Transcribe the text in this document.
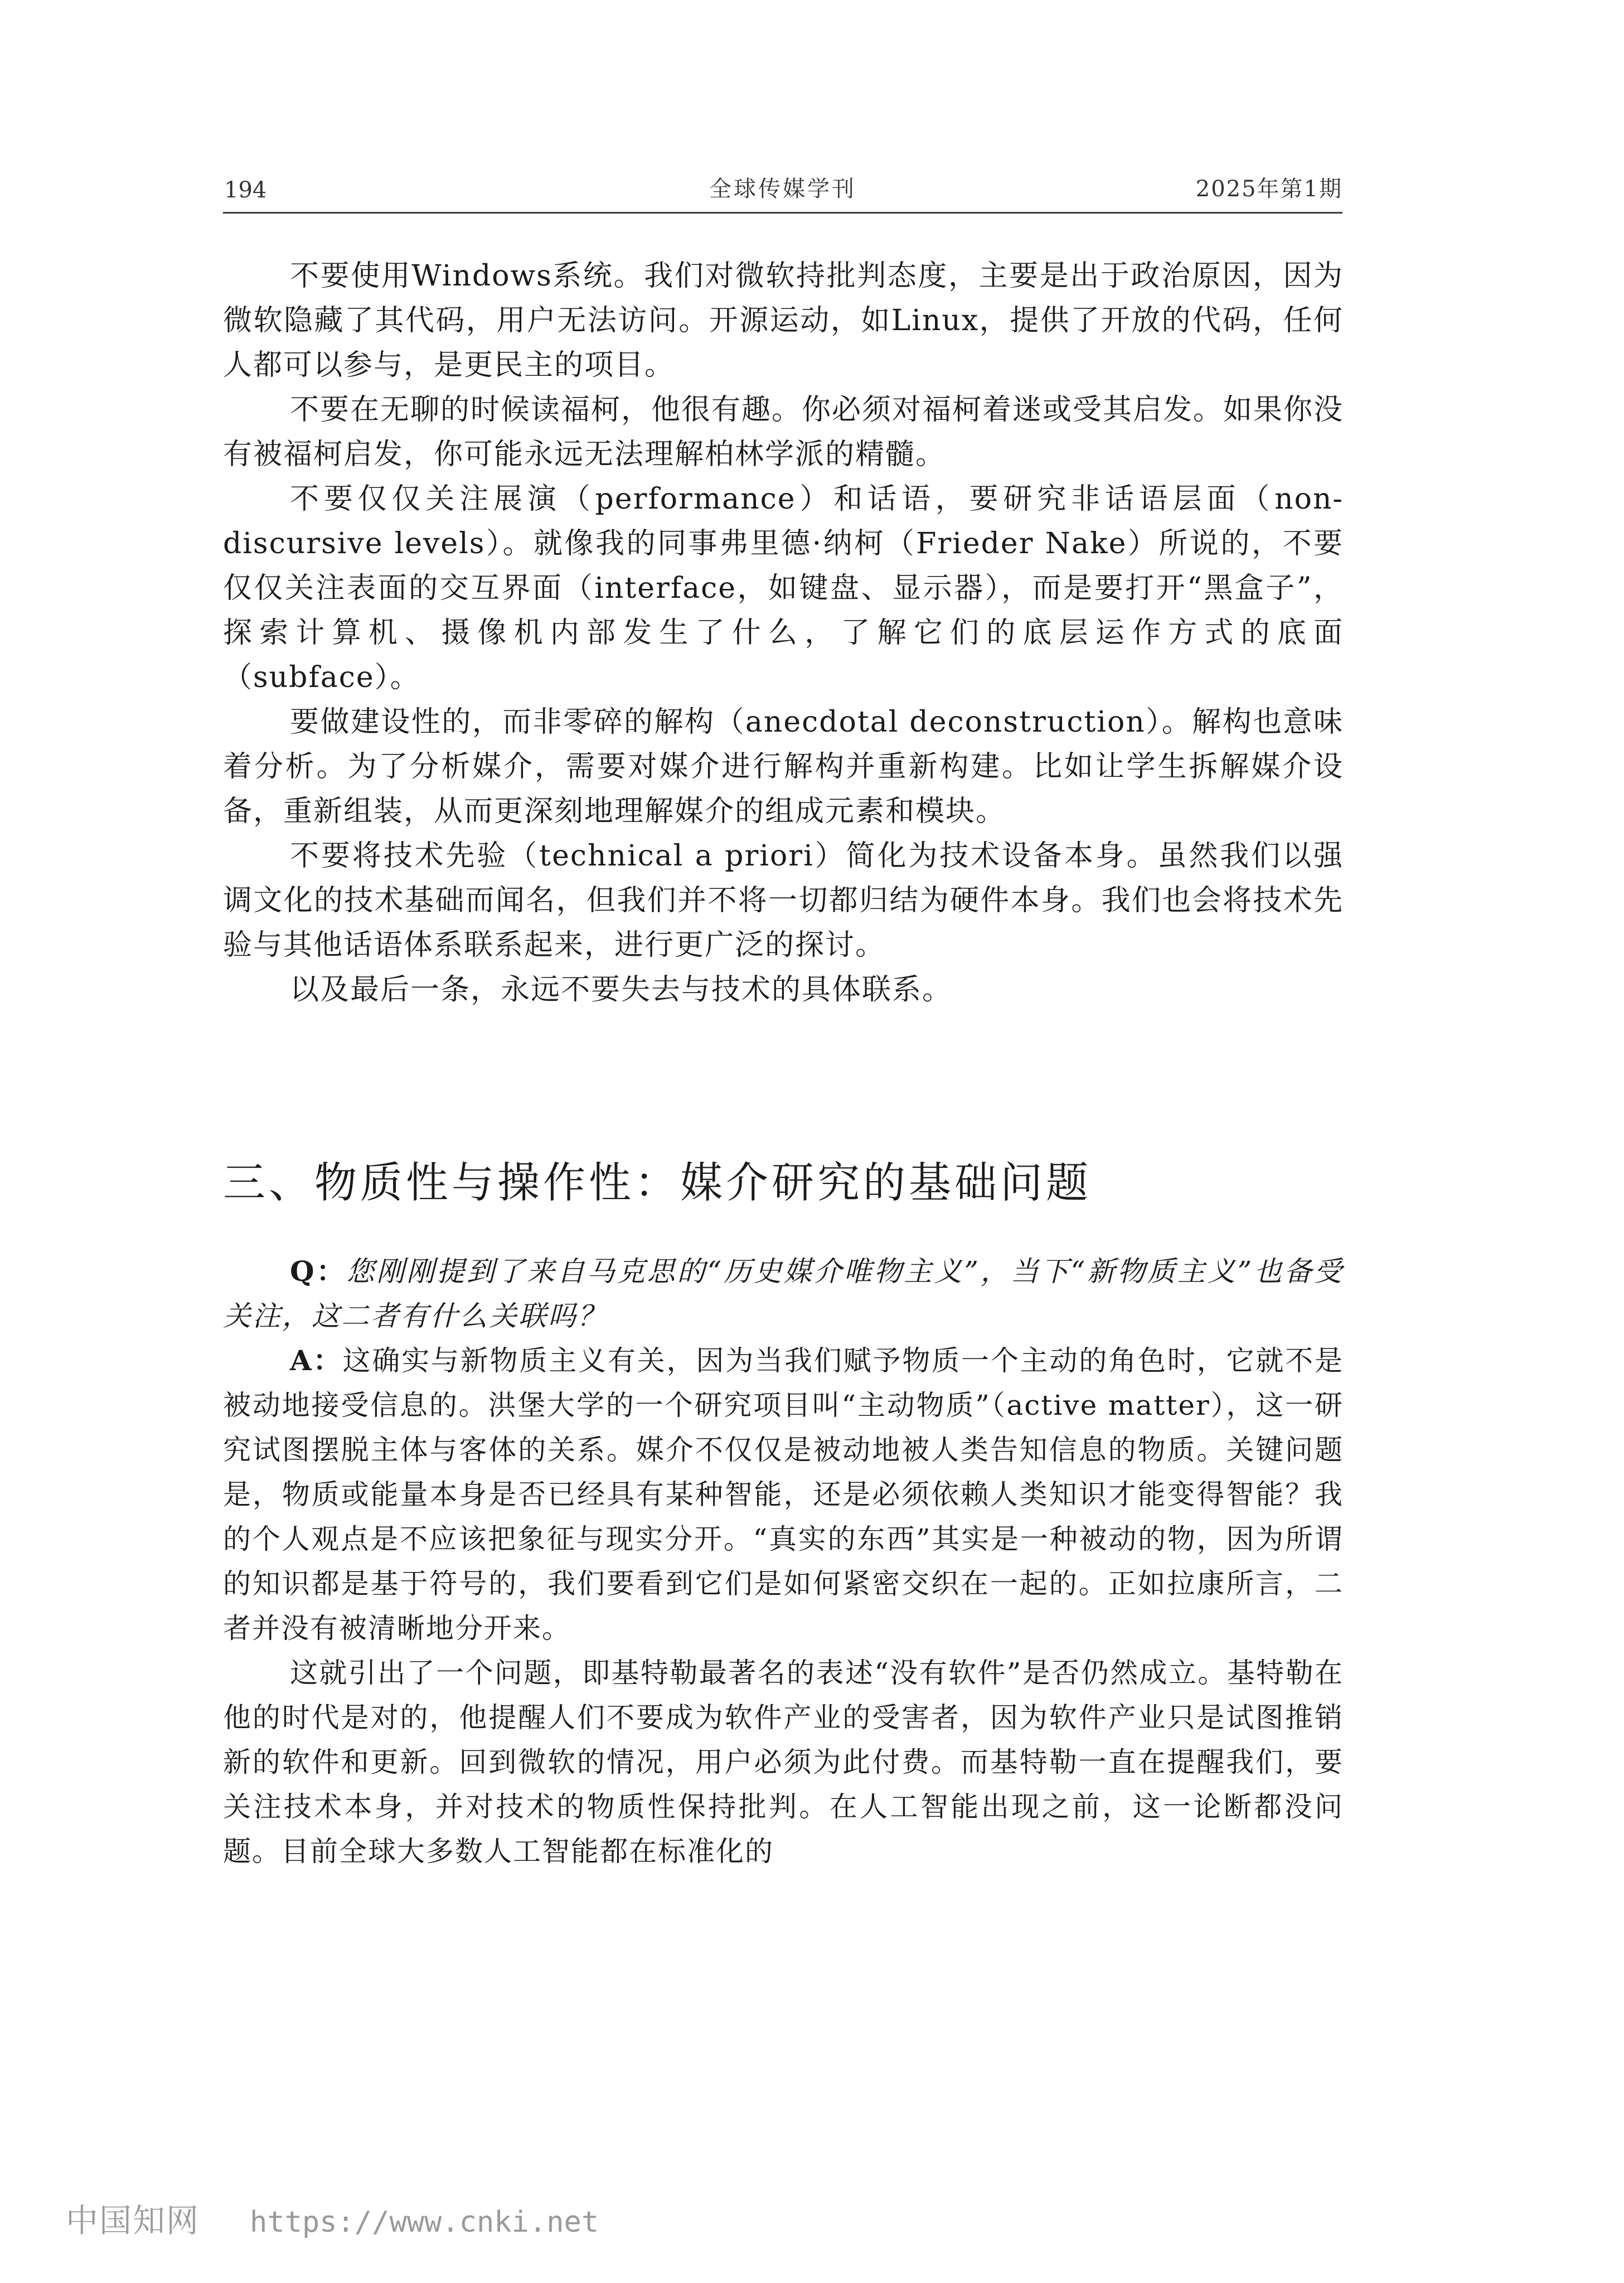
194	全球传媒学刊	2025年第1期

不要使用Windows系统。我们对微软持批判态度，主要是出于政治原因，因为微软隐藏了其代码，用户无法访问。开源运动，如Linux，提供了开放的代码，任何人都可以参与，是更民主的项目。

不要在无聊的时候读福柯，他很有趣。你必须对福柯着迷或受其启发。如果你没有被福柯启发，你可能永远无法理解柏林学派的精髓。

不要仅仅关注展演（performance）和话语，要研究非话语层面（non-discursive levels）。就像我的同事弗里德·纳柯（Frieder Nake）所说的，不要仅仅关注表面的交互界面（interface，如键盘、显示器），而是要打开“黑盒子”，探索计算机、摄像机内部发生了什么，了解它们的底层运作方式的底面（subface）。

要做建设性的，而非零碎的解构（anecdotal deconstruction）。解构也意味着分析。为了分析媒介，需要对媒介进行解构并重新构建。比如让学生拆解媒介设备，重新组装，从而更深刻地理解媒介的组成元素和模块。

不要将技术先验（technical a priori）简化为技术设备本身。虽然我们以强调文化的技术基础而闻名，但我们并不将一切都归结为硬件本身。我们也会将技术先验与其他话语体系联系起来，进行更广泛的探讨。

以及最后一条，永远不要失去与技术的具体联系。

三、物质性与操作性：媒介研究的基础问题

Q：您刚刚提到了来自马克思的“历史媒介唯物主义”，当下“新物质主义”也备受关注，这二者有什么关联吗？

A：这确实与新物质主义有关，因为当我们赋予物质一个主动的角色时，它就不是被动地接受信息的。洪堡大学的一个研究项目叫“主动物质”（active matter），这一研究试图摆脱主体与客体的关系。媒介不仅仅是被动地被人类告知信息的物质。关键问题是，物质或能量本身是否已经具有某种智能，还是必须依赖人类知识才能变得智能？我的个人观点是不应该把象征与现实分开。“真实的东西”其实是一种被动的物，因为所谓的知识都是基于符号的，我们要看到它们是如何紧密交织在一起的。正如拉康所言，二者并没有被清晰地分开来。

这就引出了一个问题，即基特勒最著名的表述“没有软件”是否仍然成立。基特勒在他的时代是对的，他提醒人们不要成为软件产业的受害者，因为软件产业只是试图推销新的软件和更新。回到微软的情况，用户必须为此付费。而基特勒一直在提醒我们，要关注技术本身，并对技术的物质性保持批判。在人工智能出现之前，这一论断都没问题。目前全球大多数人工智能都在标准化的

中国知网 https://www.cnki.net
